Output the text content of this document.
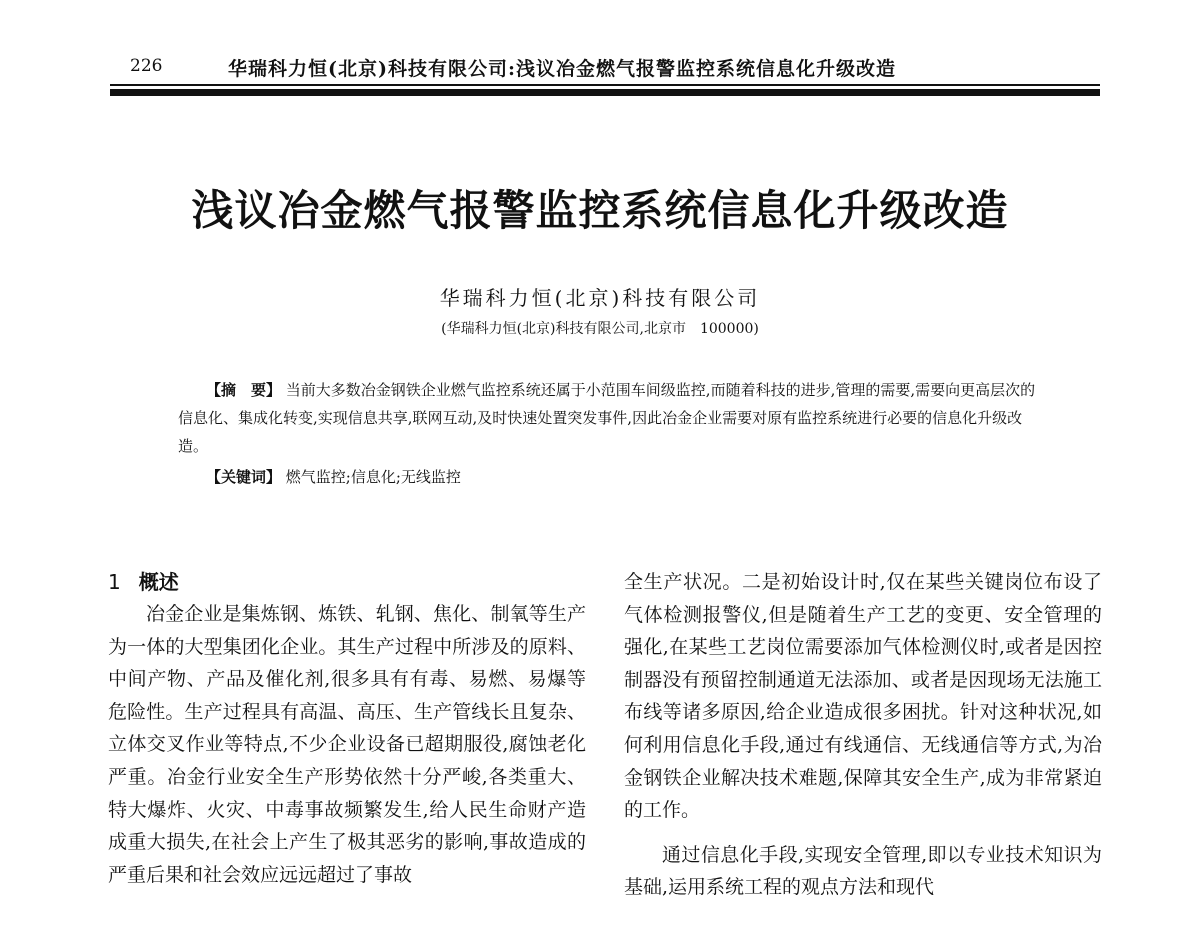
226	华瑞科力恒(北京)科技有限公司:浅议冶金燃气报警监控系统信息化升级改造
浅议冶金燃气报警监控系统信息化升级改造
华瑞科力恒(北京)科技有限公司
(华瑞科力恒(北京)科技有限公司,北京市　100000)

【摘　要】 当前大多数冶金钢铁企业燃气监控系统还属于小范围车间级监控,而随着科技的进步,管理的需要,需要向更高层次的信息化、集成化转变,实现信息共享,联网互动,及时快速处置突发事件,因此冶金企业需要对原有监控系统进行必要的信息化升级改造。

【关键词】 燃气监控;信息化;无线监控
1 概述

冶金企业是集炼钢、炼铁、轧钢、焦化、制氧等生产为一体的大型集团化企业。其生产过程中所涉及的原料、中间产物、产品及催化剂,很多具有有毒、易燃、易爆等危险性。生产过程具有高温、高压、生产管线长且复杂、立体交叉作业等特点,不少企业设备已超期服役,腐蚀老化严重。冶金行业安全生产形势依然十分严峻,各类重大、特大爆炸、火灾、中毒事故频繁发生,给人民生命财产造成重大损失,在社会上产生了极其恶劣的影响,事故造成的严重后果和社会效应远远超过了事故

全生产状况。二是初始设计时,仅在某些关键岗位布设了气体检测报警仪,但是随着生产工艺的变更、安全管理的强化,在某些工艺岗位需要添加气体检测仪时,或者是因控制器没有预留控制通道无法添加、或者是因现场无法施工布线等诸多原因,给企业造成很多困扰。针对这种状况,如何利用信息化手段,通过有线通信、无线通信等方式,为冶金钢铁企业解决技术难题,保障其安全生产,成为非常紧迫的工作。

通过信息化手段,实现安全管理,即以专业技术知识为基础,运用系统工程的观点方法和现代
